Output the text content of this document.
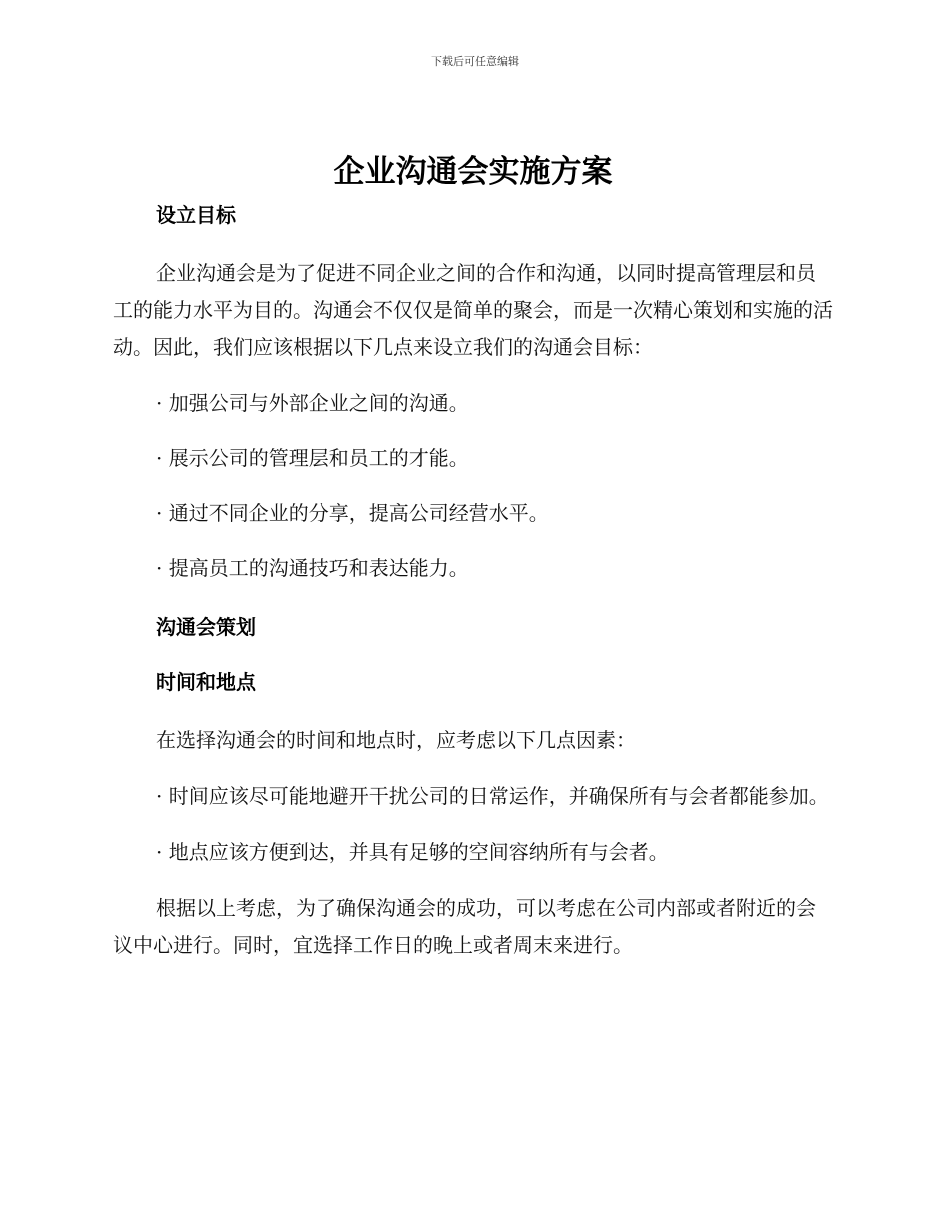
下载后可任意编辑
企业沟通会实施方案
设立目标

企业沟通会是为了促进不同企业之间的合作和沟通，以同时提高管理层和员工的能力水平为目的。沟通会不仅仅是简单的聚会，而是一次精心策划和实施的活动。因此，我们应该根据以下几点来设立我们的沟通会目标：

· 加强公司与外部企业之间的沟通。

· 展示公司的管理层和员工的才能。

· 通过不同企业的分享，提高公司经营水平。

· 提高员工的沟通技巧和表达能力。

沟通会策划
时间和地点

在选择沟通会的时间和地点时，应考虑以下几点因素：

· 时间应该尽可能地避开干扰公司的日常运作，并确保所有与会者都能参加。

· 地点应该方便到达，并具有足够的空间容纳所有与会者。

根据以上考虑，为了确保沟通会的成功，可以考虑在公司内部或者附近的会议中心进行。同时，宜选择工作日的晚上或者周末来进行。
